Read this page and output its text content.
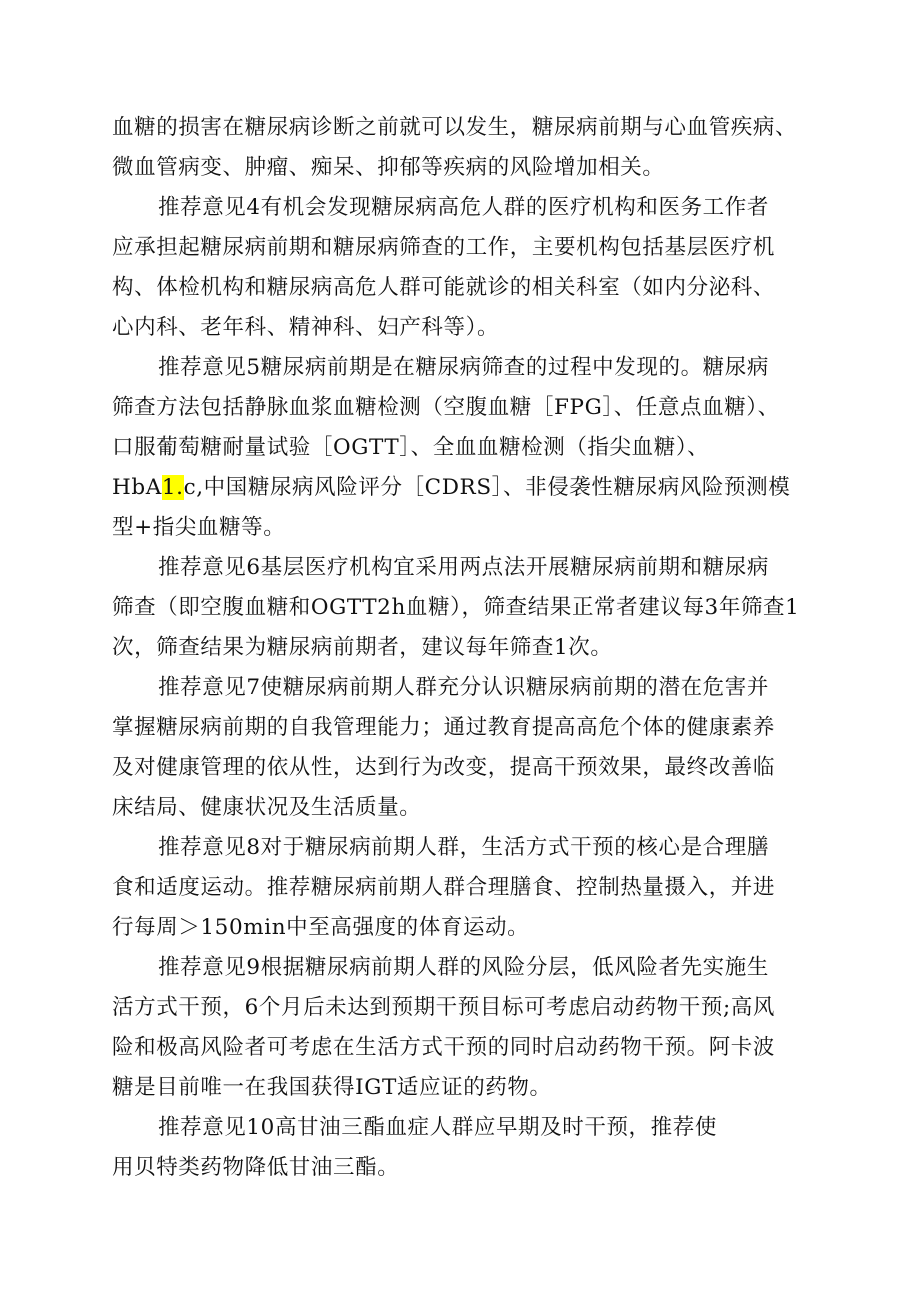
血糖的损害在糖尿病诊断之前就可以发生，糖尿病前期与心血管疾病、
微血管病变、肿瘤、痴呆、抑郁等疾病的风险增加相关。

推荐意见4有机会发现糖尿病高危人群的医疗机构和医务工作者
应承担起糖尿病前期和糖尿病筛查的工作，主要机构包括基层医疗机
构、体检机构和糖尿病高危人群可能就诊的相关科室（如内分泌科、
心内科、老年科、精神科、妇产科等）。

推荐意见5糖尿病前期是在糖尿病筛查的过程中发现的。糖尿病
筛查方法包括静脉血浆血糖检测（空腹血糖［FPG］、任意点血糖）、
口服葡萄糖耐量试验［OGTT］、全血血糖检测（指尖血糖）、
HbA1.c,中国糖尿病风险评分［CDRS］、非侵袭性糖尿病风险预测模
型+指尖血糖等。

推荐意见6基层医疗机构宜采用两点法开展糖尿病前期和糖尿病
筛查（即空腹血糖和OGTT2h血糖），筛查结果正常者建议每3年筛查1
次，筛查结果为糖尿病前期者，建议每年筛查1次。

推荐意见7使糖尿病前期人群充分认识糖尿病前期的潜在危害并
掌握糖尿病前期的自我管理能力；通过教育提高高危个体的健康素养
及对健康管理的依从性，达到行为改变，提高干预效果，最终改善临
床结局、健康状况及生活质量。

推荐意见8对于糖尿病前期人群，生活方式干预的核心是合理膳
食和适度运动。推荐糖尿病前期人群合理膳食、控制热量摄入，并进
行每周＞150min中至高强度的体育运动。

推荐意见9根据糖尿病前期人群的风险分层，低风险者先实施生
活方式干预，6个月后未达到预期干预目标可考虑启动药物干预;高风
险和极高风险者可考虑在生活方式干预的同时启动药物干预。阿卡波
糖是目前唯一在我国获得IGT适应证的药物。

推荐意见10高甘油三酯血症人群应早期及时干预，推荐使
用贝特类药物降低甘油三酯。
